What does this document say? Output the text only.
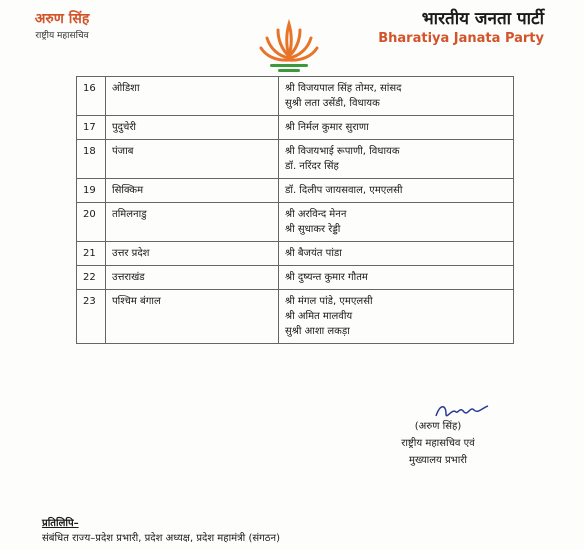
अरुण सिंह
राष्ट्रीय महासचिव
भारतीय जनता पार्टी
Bharatiya Janata Party
16	ओडिशा	श्री विजयपाल सिंह तोमर, सांसद
सुश्री लता उसेंडी, विधायक

17	पुदुचेरी	श्री निर्मल कुमार सुराणा

18	पंजाब	श्री विजयभाई रूपाणी, विधायक
डॉ. नरिंदर सिंह

19	सिक्किम	डॉ. दिलीप जायसवाल, एमएलसी

20	तमिलनाडु	श्री अरविन्द मेनन
श्री सुधाकर रेड्डी

21	उत्तर प्रदेश	श्री बैजयंत पांडा

22	उत्तराखंड	श्री दुष्यन्त कुमार गौतम

23	पश्चिम बंगाल	श्री मंगल पांडे, एमएलसी
श्री अमित मालवीय
सुश्री आशा लकड़ा
(अरुण सिंह)
राष्ट्रीय महासचिव एवं
मुख्यालय प्रभारी
प्रतिलिपि–
संबंधित राज्य–प्रदेश प्रभारी, प्रदेश अध्यक्ष, प्रदेश महामंत्री (संगठन)
